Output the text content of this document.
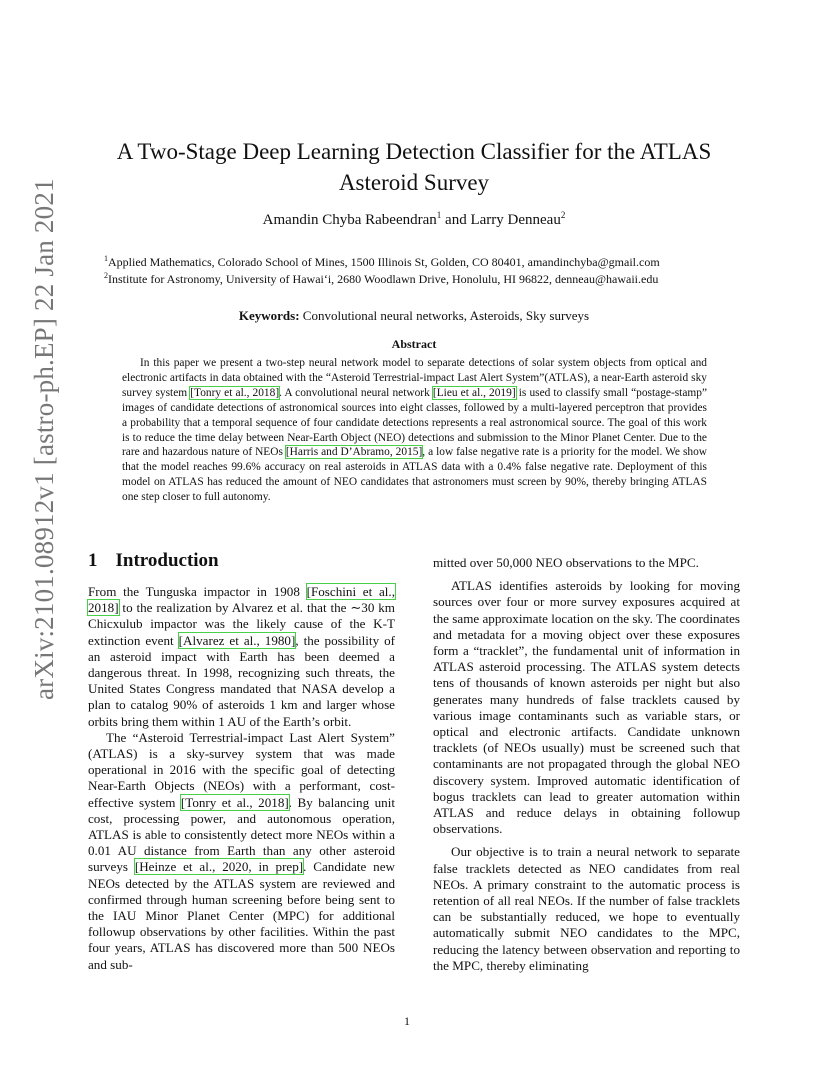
arXiv:2101.08912v1 [astro-ph.EP] 22 Jan 2021
A Two-Stage Deep Learning Detection Classifier for the ATLAS
Asteroid Survey
Amandin Chyba Rabeendran$^1$ and Larry Denneau$^2$
$^1$Applied Mathematics, Colorado School of Mines, 1500 Illinois St, Golden, CO 80401, amandinchyba@gmail.com
$^2$Institute for Astronomy, University of Hawai‘i, 2680 Woodlawn Drive, Honolulu, HI 96822, denneau@hawaii.edu
Keywords: Convolutional neural networks, Asteroids, Sky surveys
Abstract

In this paper we present a two-step neural network model to separate detections of solar system objects from optical and electronic artifacts in data obtained with the “Asteroid Terrestrial-impact Last Alert System”(ATLAS), a near-Earth asteroid sky survey system [Tonry et al., 2018]. A convolutional neural network [Lieu et al., 2019] is used to classify small “postage-stamp” images of candidate detections of astronomical sources into eight classes, followed by a multi-layered perceptron that provides a probability that a temporal sequence of four candidate detections represents a real astronomical source. The goal of this work is to reduce the time delay between Near-Earth Object (NEO) detections and submission to the Minor Planet Center. Due to the rare and hazardous nature of NEOs [Harris and D’Abramo, 2015], a low false negative rate is a priority for the model. We show that the model reaches 99.6% accuracy on real asteroids in ATLAS data with a 0.4% false negative rate. Deployment of this model on ATLAS has reduced the amount of NEO candidates that astronomers must screen by 90%, thereby bringing ATLAS one step closer to full autonomy.

1 Introduction

From the Tunguska impactor in 1908 [Foschini et al., 2018] to the realization by Alvarez et al. that the ∼30 km Chicxulub impactor was the likely cause of the K-T extinction event [Alvarez et al., 1980], the possibility of an asteroid impact with Earth has been deemed a dangerous threat. In 1998, recognizing such threats, the United States Congress mandated that NASA develop a plan to catalog 90% of asteroids 1 km and larger whose orbits bring them within 1 AU of the Earth’s orbit.

The “Asteroid Terrestrial-impact Last Alert System” (ATLAS) is a sky-survey system that was made operational in 2016 with the specific goal of detecting Near-Earth Objects (NEOs) with a performant, cost-effective system [Tonry et al., 2018]. By balancing unit cost, processing power, and autonomous operation, ATLAS is able to consistently detect more NEOs within a 0.01 AU distance from Earth than any other asteroid surveys [Heinze et al., 2020, in prep]. Candidate new NEOs detected by the ATLAS system are reviewed and confirmed through human screening before being sent to the IAU Minor Planet Center (MPC) for additional followup observations by other facilities. Within the past four years, ATLAS has discovered more than 500 NEOs and sub-

mitted over 50,000 NEO observations to the MPC.

ATLAS identifies asteroids by looking for moving sources over four or more survey exposures acquired at the same approximate location on the sky. The coordinates and metadata for a moving object over these exposures form a “tracklet”, the fundamental unit of information in ATLAS asteroid processing. The ATLAS system detects tens of thousands of known asteroids per night but also generates many hundreds of false tracklets caused by various image contaminants such as variable stars, or optical and electronic artifacts. Candidate unknown tracklets (of NEOs usually) must be screened such that contaminants are not propagated through the global NEO discovery system. Improved automatic identification of bogus tracklets can lead to greater automation within ATLAS and reduce delays in obtaining followup observations.

Our objective is to train a neural network to separate false tracklets detected as NEO candidates from real NEOs. A primary constraint to the automatic process is retention of all real NEOs. If the number of false tracklets can be substantially reduced, we hope to eventually automatically submit NEO candidates to the MPC, reducing the latency between observation and reporting to the MPC, thereby eliminating

1
